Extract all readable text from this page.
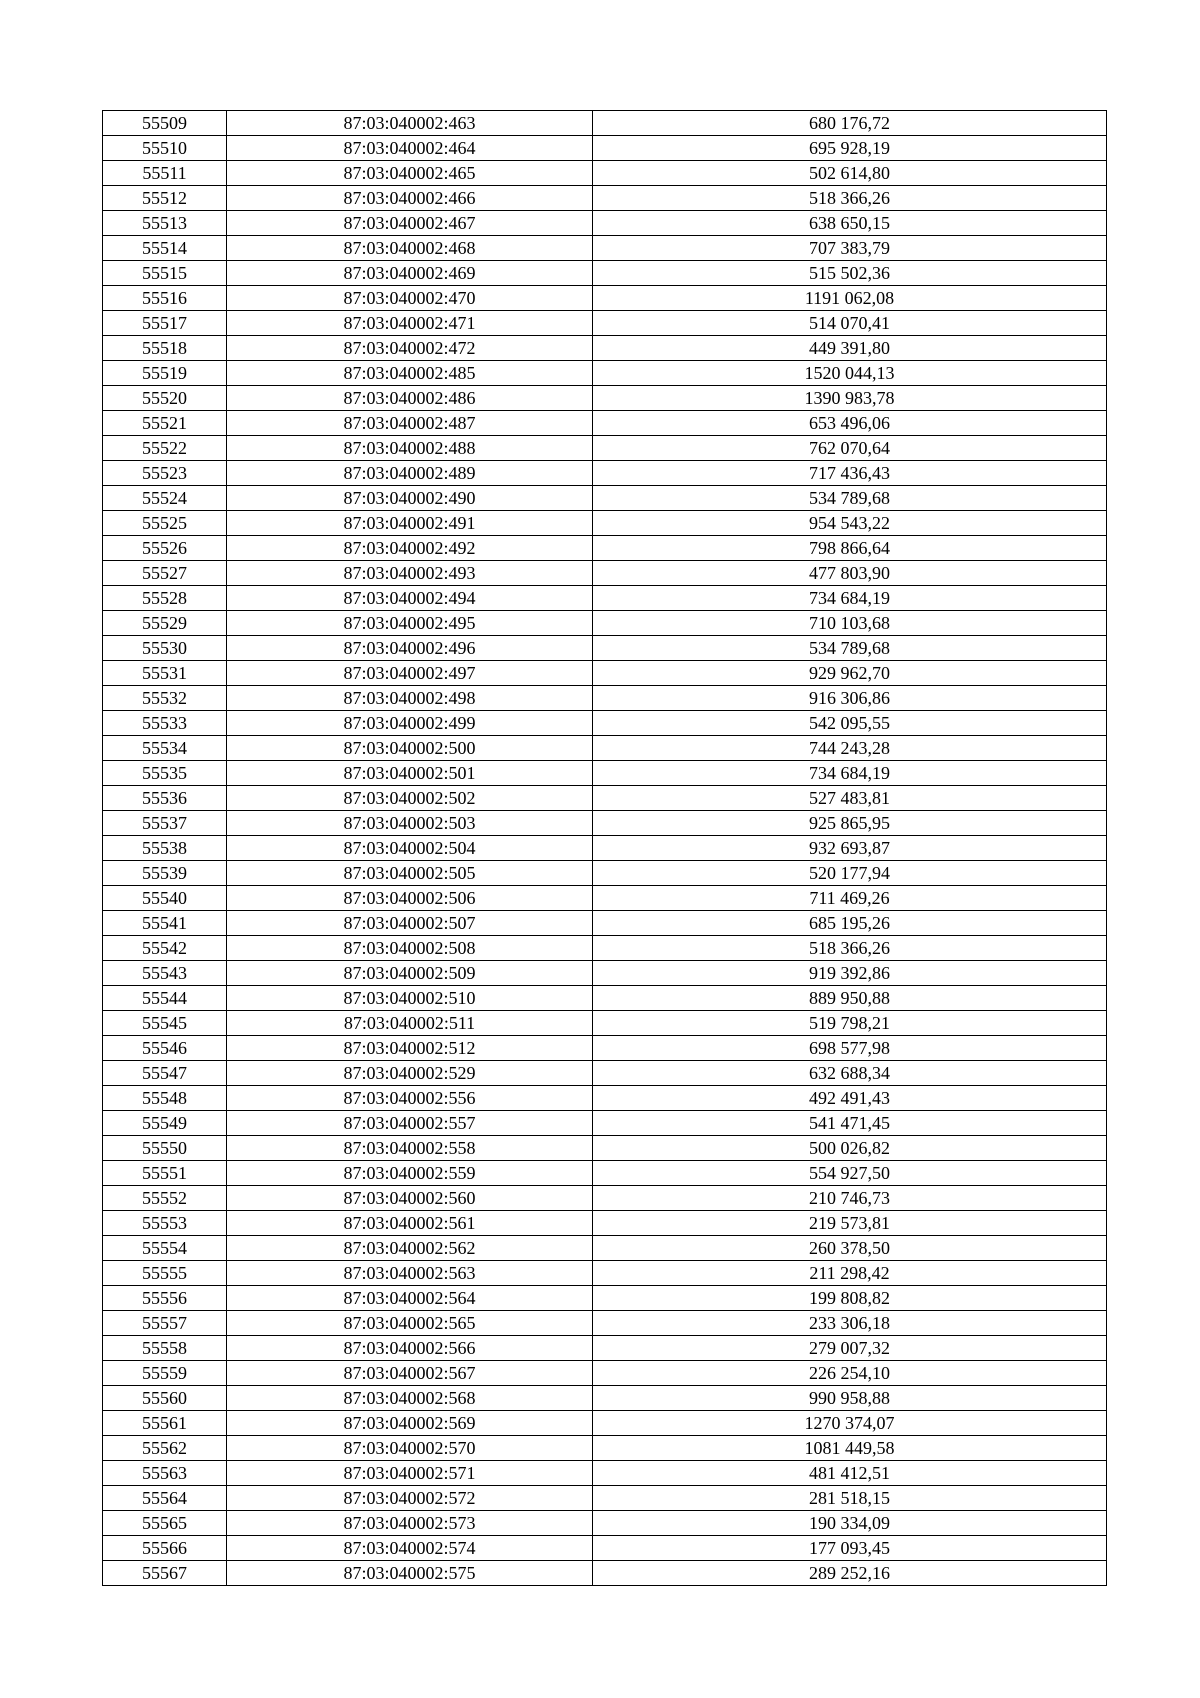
55509	87:03:040002:463	680 176,72
55510	87:03:040002:464	695 928,19
55511	87:03:040002:465	502 614,80
55512	87:03:040002:466	518 366,26
55513	87:03:040002:467	638 650,15
55514	87:03:040002:468	707 383,79
55515	87:03:040002:469	515 502,36
55516	87:03:040002:470	1191 062,08
55517	87:03:040002:471	514 070,41
55518	87:03:040002:472	449 391,80
55519	87:03:040002:485	1520 044,13
55520	87:03:040002:486	1390 983,78
55521	87:03:040002:487	653 496,06
55522	87:03:040002:488	762 070,64
55523	87:03:040002:489	717 436,43
55524	87:03:040002:490	534 789,68
55525	87:03:040002:491	954 543,22
55526	87:03:040002:492	798 866,64
55527	87:03:040002:493	477 803,90
55528	87:03:040002:494	734 684,19
55529	87:03:040002:495	710 103,68
55530	87:03:040002:496	534 789,68
55531	87:03:040002:497	929 962,70
55532	87:03:040002:498	916 306,86
55533	87:03:040002:499	542 095,55
55534	87:03:040002:500	744 243,28
55535	87:03:040002:501	734 684,19
55536	87:03:040002:502	527 483,81
55537	87:03:040002:503	925 865,95
55538	87:03:040002:504	932 693,87
55539	87:03:040002:505	520 177,94
55540	87:03:040002:506	711 469,26
55541	87:03:040002:507	685 195,26
55542	87:03:040002:508	518 366,26
55543	87:03:040002:509	919 392,86
55544	87:03:040002:510	889 950,88
55545	87:03:040002:511	519 798,21
55546	87:03:040002:512	698 577,98
55547	87:03:040002:529	632 688,34
55548	87:03:040002:556	492 491,43
55549	87:03:040002:557	541 471,45
55550	87:03:040002:558	500 026,82
55551	87:03:040002:559	554 927,50
55552	87:03:040002:560	210 746,73
55553	87:03:040002:561	219 573,81
55554	87:03:040002:562	260 378,50
55555	87:03:040002:563	211 298,42
55556	87:03:040002:564	199 808,82
55557	87:03:040002:565	233 306,18
55558	87:03:040002:566	279 007,32
55559	87:03:040002:567	226 254,10
55560	87:03:040002:568	990 958,88
55561	87:03:040002:569	1270 374,07
55562	87:03:040002:570	1081 449,58
55563	87:03:040002:571	481 412,51
55564	87:03:040002:572	281 518,15
55565	87:03:040002:573	190 334,09
55566	87:03:040002:574	177 093,45
55567	87:03:040002:575	289 252,16
